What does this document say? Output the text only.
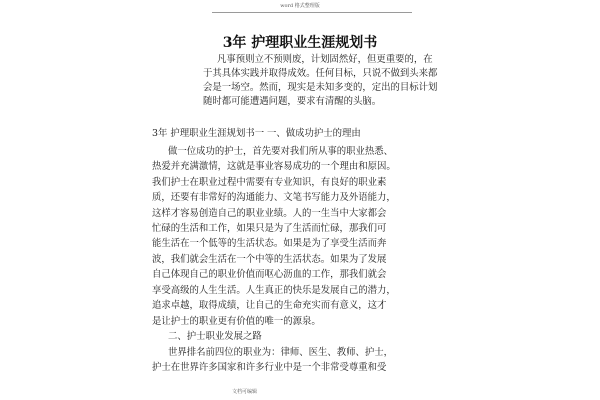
word 格式整理版
3年 护理职业生涯规划书
凡事预则立不预则废，计划固然好，但更重要的，在
于其具体实践并取得成效。任何目标，只说不做到头来都
会是一场空。然而，现实是未知多变的，定出的目标计划
随时都可能遭遇问题，要求有清醒的头脑。
3年 护理职业生涯规划书一 一、做成功护士的理由
做一位成功的护士，首先要对我们所从事的职业热悉、
热爱并充满激情，这就是事业容易成功的一个理由和原因。
我们护士在职业过程中需要有专业知识，有良好的职业素
质，还要有非常好的沟通能力、文笔书写能力及外语能力，
这样才容易创造自己的职业业绩。人的一生当中大家都会
忙碌的生活和工作，如果只是为了生活而忙碌，那我们可
能生活在一个低等的生活状态。如果是为了享受生活而奔
波，我们就会生活在一个中等的生活状态。如果为了发展
自己体现自己的职业价值而呕心沥血的工作，那我们就会
享受高级的人生生活。人生真正的快乐是发展自己的潜力，
追求卓越，取得成绩，让自己的生命充实而有意义，这才
是让护士的职业更有价值的唯一的源泉。
二、护士职业发展之路
世界排名前四位的职业为：律师、医生、教师、护士，
护士在世界许多国家和许多行业中是一个非常受尊重和受
文档可编辑
